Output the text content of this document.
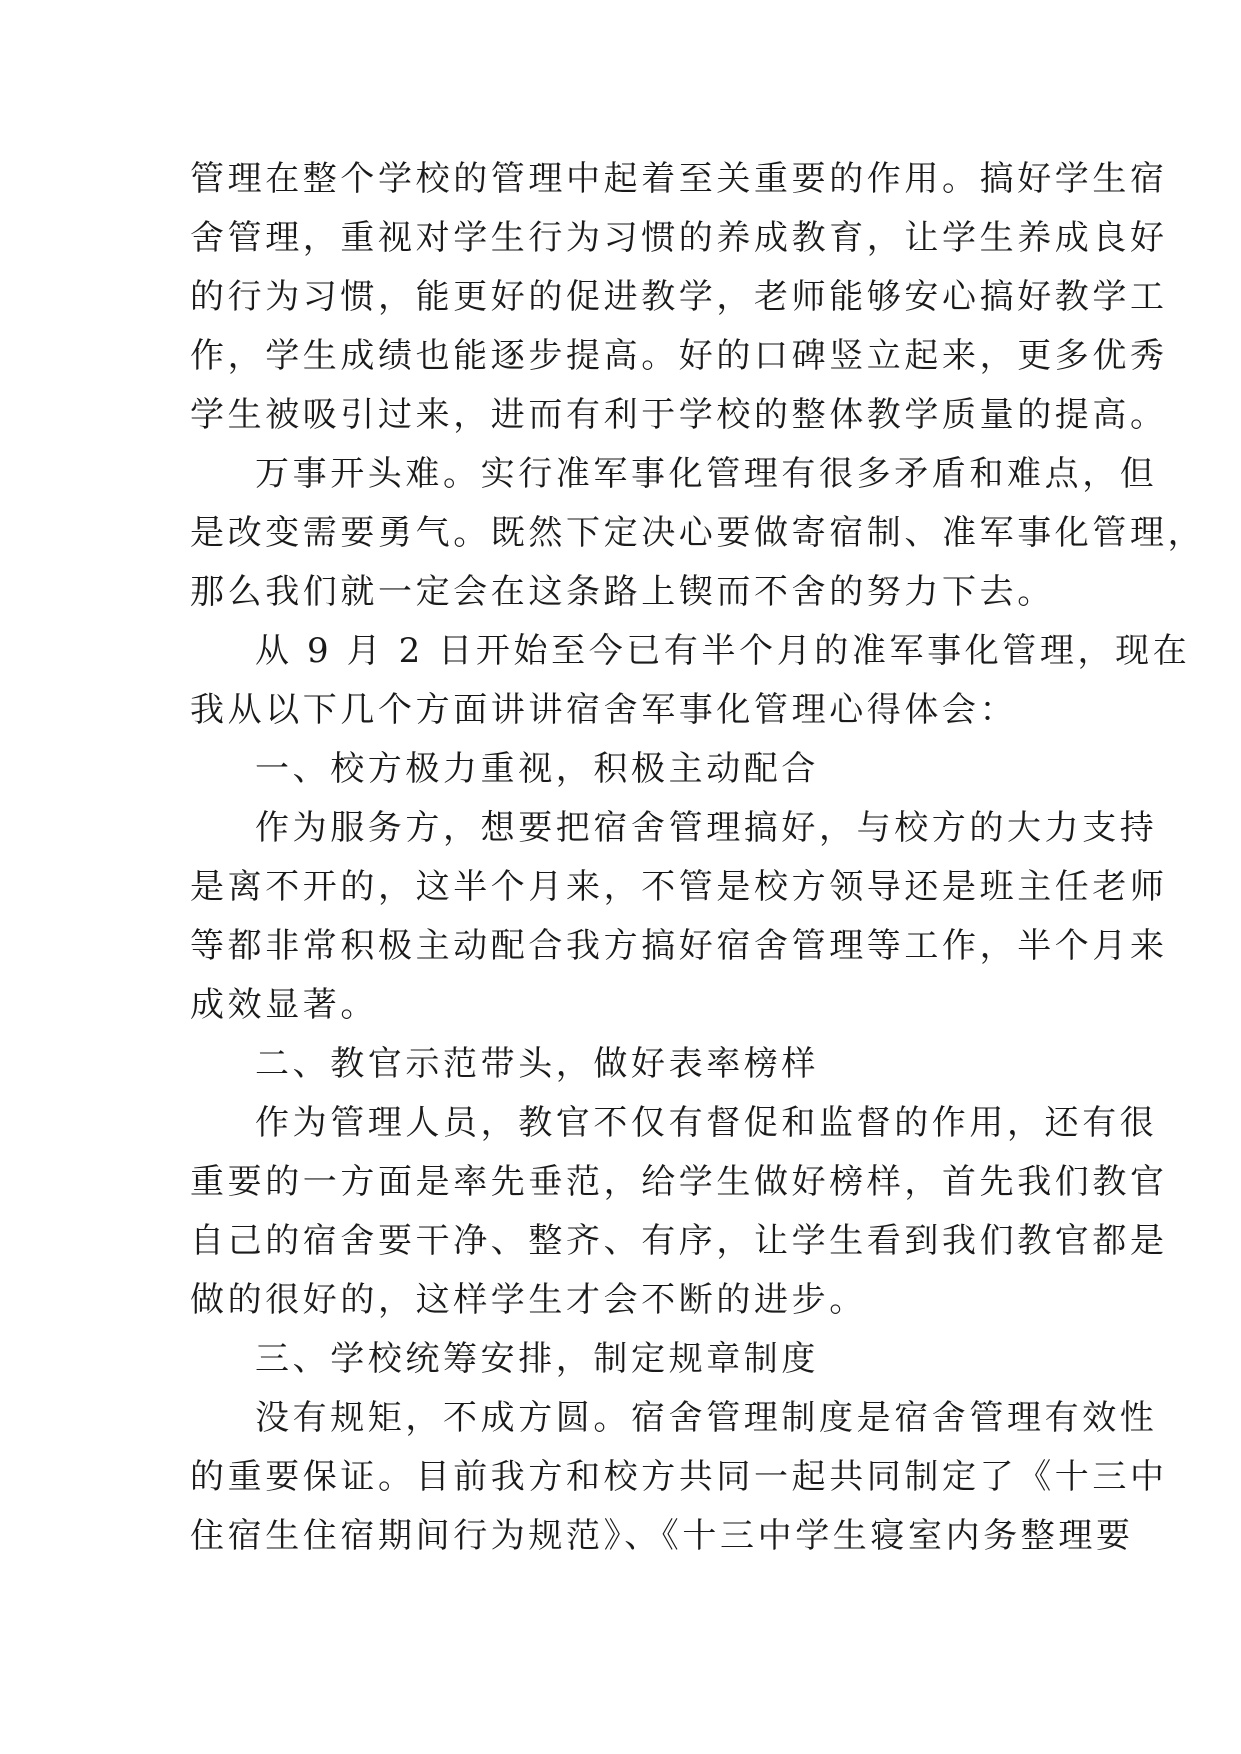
管理在整个学校的管理中起着至关重要的作用。搞好学生宿
舍管理，重视对学生行为习惯的养成教育，让学生养成良好
的行为习惯，能更好的促进教学，老师能够安心搞好教学工
作，学生成绩也能逐步提高。好的口碑竖立起来，更多优秀
学生被吸引过来，进而有利于学校的整体教学质量的提高。
万事开头难。实行准军事化管理有很多矛盾和难点，但
是改变需要勇气。既然下定决心要做寄宿制、准军事化管理，
那么我们就一定会在这条路上锲而不舍的努力下去。
从 9 月 2 日开始至今已有半个月的准军事化管理，现在
我从以下几个方面讲讲宿舍军事化管理心得体会：
一、校方极力重视，积极主动配合
作为服务方，想要把宿舍管理搞好，与校方的大力支持
是离不开的，这半个月来，不管是校方领导还是班主任老师
等都非常积极主动配合我方搞好宿舍管理等工作，半个月来
成效显著。
二、教官示范带头，做好表率榜样
作为管理人员，教官不仅有督促和监督的作用，还有很
重要的一方面是率先垂范，给学生做好榜样，首先我们教官
自己的宿舍要干净、整齐、有序，让学生看到我们教官都是
做的很好的，这样学生才会不断的进步。
三、学校统筹安排，制定规章制度
没有规矩，不成方圆。宿舍管理制度是宿舍管理有效性
的重要保证。目前我方和校方共同一起共同制定了《十三中
住宿生住宿期间行为规范》、《十三中学生寝室内务整理要
